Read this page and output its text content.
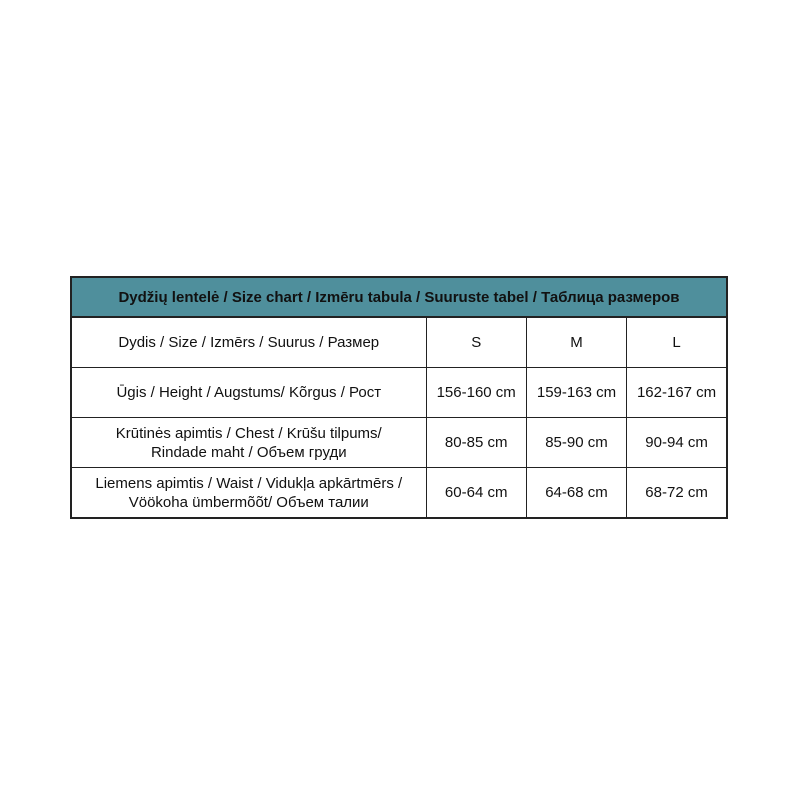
Dydžių lentelė / Size chart / Izmēru tabula / Suuruste tabel / Таблица размеров			
Dydis / Size / Izmērs / Suurus / Размер	S	M	L
Ūgis / Height / Augstums/ Kõrgus / Рост	156-160 cm	159-163 cm	162-167 cm
Krūtinės apimtis / Chest / Krūšu tilpums/
Rindade maht / Объем груди	80-85 cm	85-90 cm	90-94 cm
Liemens apimtis / Waist / Vidukļa apkārtmērs /
Vöökoha ümbermõõt/ Объем талии	60-64 cm	64-68 cm	68-72 cm
